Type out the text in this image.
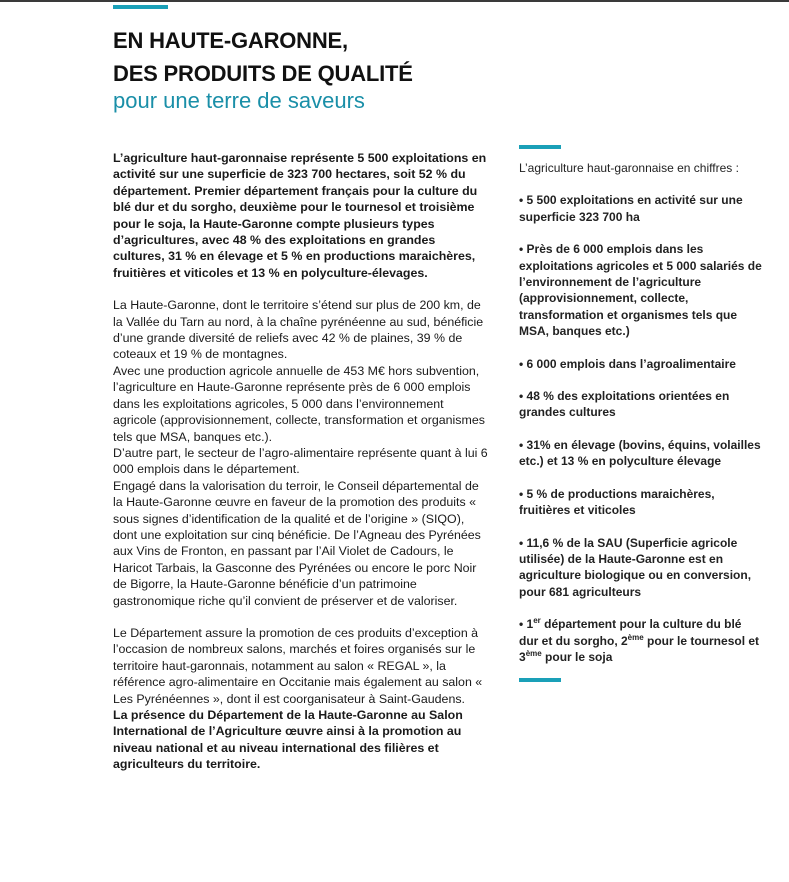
EN HAUTE-GARONNE,
DES PRODUITS DE QUALITÉ
pour une terre de saveurs

L’agriculture haut-garonnaise représente 5 500 exploitations en activité sur une superficie de 323 700 hectares, soit 52 % du département. Premier département français pour la culture du blé dur et du sorgho, deuxième pour le tournesol et troisième pour le soja, la Haute-Garonne compte plusieurs types d’agricultures, avec 48 % des exploitations en grandes cultures, 31 % en élevage et 5 % en productions maraichères, fruitières et viticoles et 13 % en polyculture-élevages.

La Haute-Garonne, dont le territoire s’étend sur plus de 200 km, de la Vallée du Tarn au nord, à la chaîne pyrénéenne au sud, bénéficie d’une grande diversité de reliefs avec 42 % de plaines, 39 % de coteaux et 19 % de montagnes.

Avec une production agricole annuelle de 453 M€ hors subvention, l’agriculture en Haute-Garonne représente près de 6 000 emplois dans les exploitations agricoles, 5 000 dans l’environnement agricole (approvisionnement, collecte, transformation et organismes tels que MSA, banques etc.).

D’autre part, le secteur de l’agro-alimentaire représente quant à lui 6 000 emplois dans le département.

Engagé dans la valorisation du terroir, le Conseil départemental de la Haute-Garonne œuvre en faveur de la promotion des produits « sous signes d’identification de la qualité et de l’origine » (SIQO), dont une exploitation sur cinq bénéficie. De l’Agneau des Pyrénées aux Vins de Fronton, en passant par l’Ail Violet de Cadours, le Haricot Tarbais, la Gasconne des Pyrénées ou encore le porc Noir de Bigorre, la Haute-Garonne bénéficie d’un patrimoine gastronomique riche qu’il convient de préserver et de valoriser.

Le Département assure la promotion de ces produits d’exception à l’occasion de nombreux salons, marchés et foires organisés sur le territoire haut-garonnais, notamment au salon « REGAL », la référence agro-alimentaire en Occitanie mais également au salon « Les Pyrénéennes », dont il est coorganisateur à Saint-Gaudens.

La présence du Département de la Haute-Garonne au Salon International de l’Agriculture œuvre ainsi à la promotion au niveau national et au niveau international des filières et agriculteurs du territoire.

L’agriculture haut-garonnaise en chiffres :

• 5 500 exploitations en activité sur une superficie 323 700 ha

• Près de 6 000 emplois dans les exploitations agricoles et 5 000 salariés de l’environnement de l’agriculture (approvisionnement, collecte, transformation et organismes tels que MSA, banques etc.)

• 6 000 emplois dans l’agroalimentaire

• 48 % des exploitations orientées en grandes cultures

• 31% en élevage (bovins, équins, volailles etc.) et 13 % en polyculture élevage

• 5 % de productions maraichères, fruitières et viticoles

• 11,6 % de la SAU (Superficie agricole utilisée) de la Haute-Garonne est en agriculture biologique ou en conversion, pour 681 agriculteurs

• 1er département pour la culture du blé dur et du sorgho, 2ème pour le tournesol et 3ème pour le soja
